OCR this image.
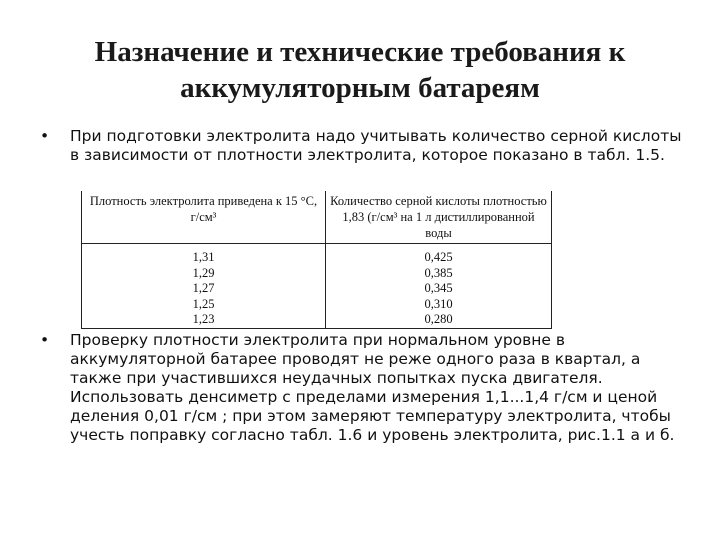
Назначение и технические требования к аккумуляторным батареям
•	При подготовки электролита надо учитывать количество серной кислоты в зависимости от плотности электролита, которое показано в табл. 1.5.
Плотность электролита приведена к 15 °С, г/см³	Количество серной кислоты плотностью 1,83 (г/см³ на 1 л дистиллированной воды

1,31	0,425
1,29	0,385
1,27	0,345
1,25	0,310
1,23	0,280
•	Проверку плотности электролита при нормальном уровне в аккумуляторной батарее проводят не реже одного раза в квартал, а также при участившихся неудачных попытках пуска двигателя. Использовать денсиметр с пределами измерения 1,1...1,4 г/см и ценой деления 0,01 г/см ; при этом замеряют температуру электролита, чтобы учесть поправку согласно табл. 1.6 и уровень электролита, рис.1.1 а и б.
